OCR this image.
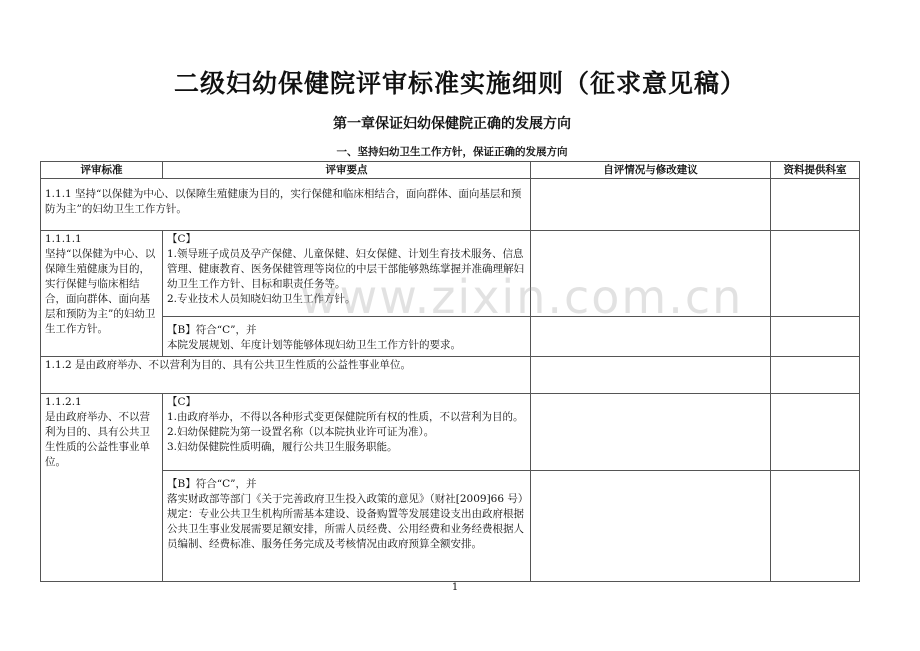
二级妇幼保健院评审标准实施细则（征求意见稿）
第一章保证妇幼保健院正确的发展方向
一、坚持妇幼卫生工作方针，保证正确的发展方向
评审标准	评审要点	自评情况与修改建议	资料提供科室
1.1.1 坚持“以保健为中心、以保障生殖健康为目的，实行保健和临床相结合，面向群体、面向基层和预防为主”的妇幼卫生工作方针。			

1.1.1.1
坚持“以保健为中心、以保障生殖健康为目的，实行保健与临床相结合，面向群体、面向基层和预防为主”的妇幼卫生工作方针。	【C】
1.领导班子成员及孕产保健、儿童保健、妇女保健、计划生育技术服务、信息管理、健康教育、医务保健管理等岗位的中层干部能够熟练掌握并准确理解妇幼卫生工作方针、目标和职责任务等。
2.专业技术人员知晓妇幼卫生工作方针。		

	【B】符合“C”，并
本院发展规划、年度计划等能够体现妇幼卫生工作方针的要求。		

1.1.2 是由政府举办、不以营利为目的、具有公共卫生性质的公益性事业单位。			

1.1.2.1
是由政府举办、不以营利为目的、具有公共卫生性质的公益性事业单位。	【C】
1.由政府举办，不得以各种形式变更保健院所有权的性质，不以营利为目的。
2.妇幼保健院为第一设置名称（以本院执业许可证为准）。
3.妇幼保健院性质明确，履行公共卫生服务职能。		

	【B】符合“C”，并
落实财政部等部门《关于完善政府卫生投入政策的意见》（财社[2009]66 号）规定：专业公共卫生机构所需基本建设、设备购置等发展建设支出由政府根据公共卫生事业发展需要足额安排，所需人员经费、公用经费和业务经费根据人员编制、经费标准、服务任务完成及考核情况由政府预算全额安排。		

www.zixin.com.cn
1
